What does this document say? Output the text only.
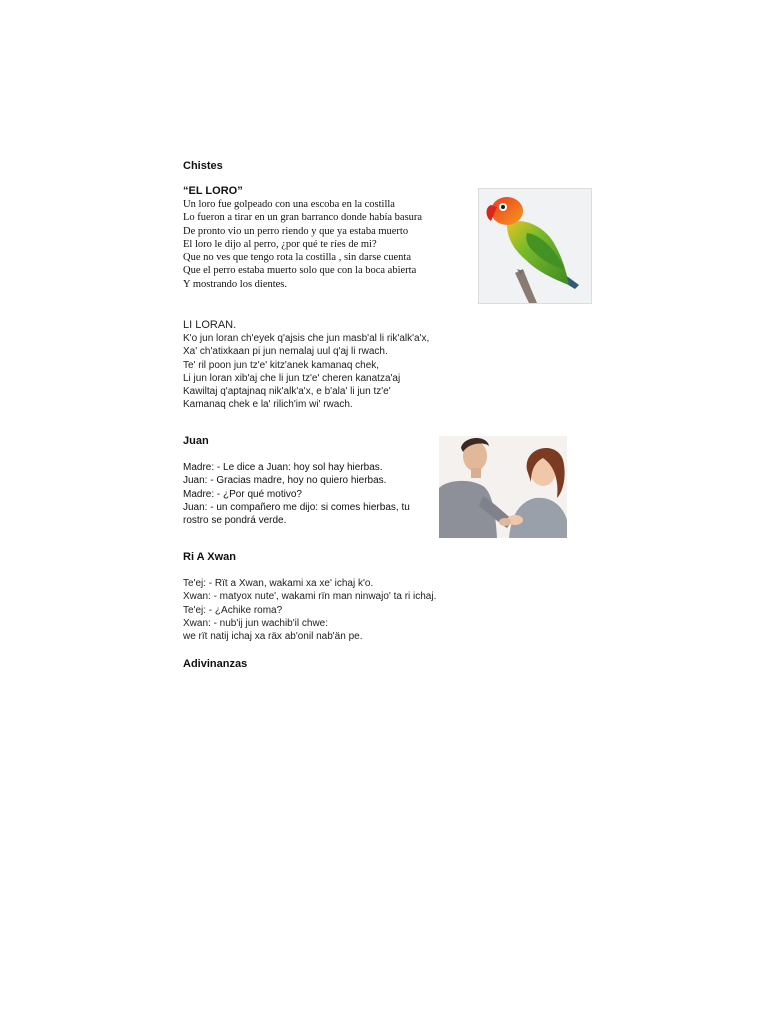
Chistes

“EL LORO”
Un loro fue golpeado con una escoba en la costilla
Lo fueron a tirar en un gran barranco donde había basura
De pronto vio un perro riendo y que ya estaba muerto
El loro le dijo al perro, ¿por qué te ríes de mi?
Que no ves que tengo rota la costilla , sin darse cuenta
Que el perro estaba muerto solo que con la boca abierta
Y mostrando los dientes.
LI LORAN.
K'o jun loran ch'eyek q'ajsis che jun masb'al li rik'alk'a'x,
Xa' ch'atixkaan pi jun nemalaj uul q'aj li rwach.
Te' ril poon jun tz'e' kitz'anek kamanaq chek,
Li jun loran xib'aj che li jun tz'e' cheren kanatza'aj
Kawiltaj q'aptajnaq nik'alk'a'x, e b'ala' li jun tz'e'
Kamanaq chek e la' rilich'im wi' rwach.
Juan
Madre: - Le dice a Juan: hoy sol hay hierbas.
Juan: - Gracias madre, hoy no quiero hierbas.
Madre: - ¿Por qué motivo?
Juan: - un compañero me dijo: si comes hierbas, tu
rostro se pondrá verde.
Ri A Xwan
Te'ej: - Rït a Xwan, wakami xa xe' ichaj k'o.
Xwan: - matyox nute', wakami rïn man ninwajo' ta ri ichaj.
Te'ej: - ¿Achike roma?
Xwan: - nub'ij jun wachib'il chwe:
we rït natij ichaj xa räx ab'onil nab'än pe.

Adivinanzas
